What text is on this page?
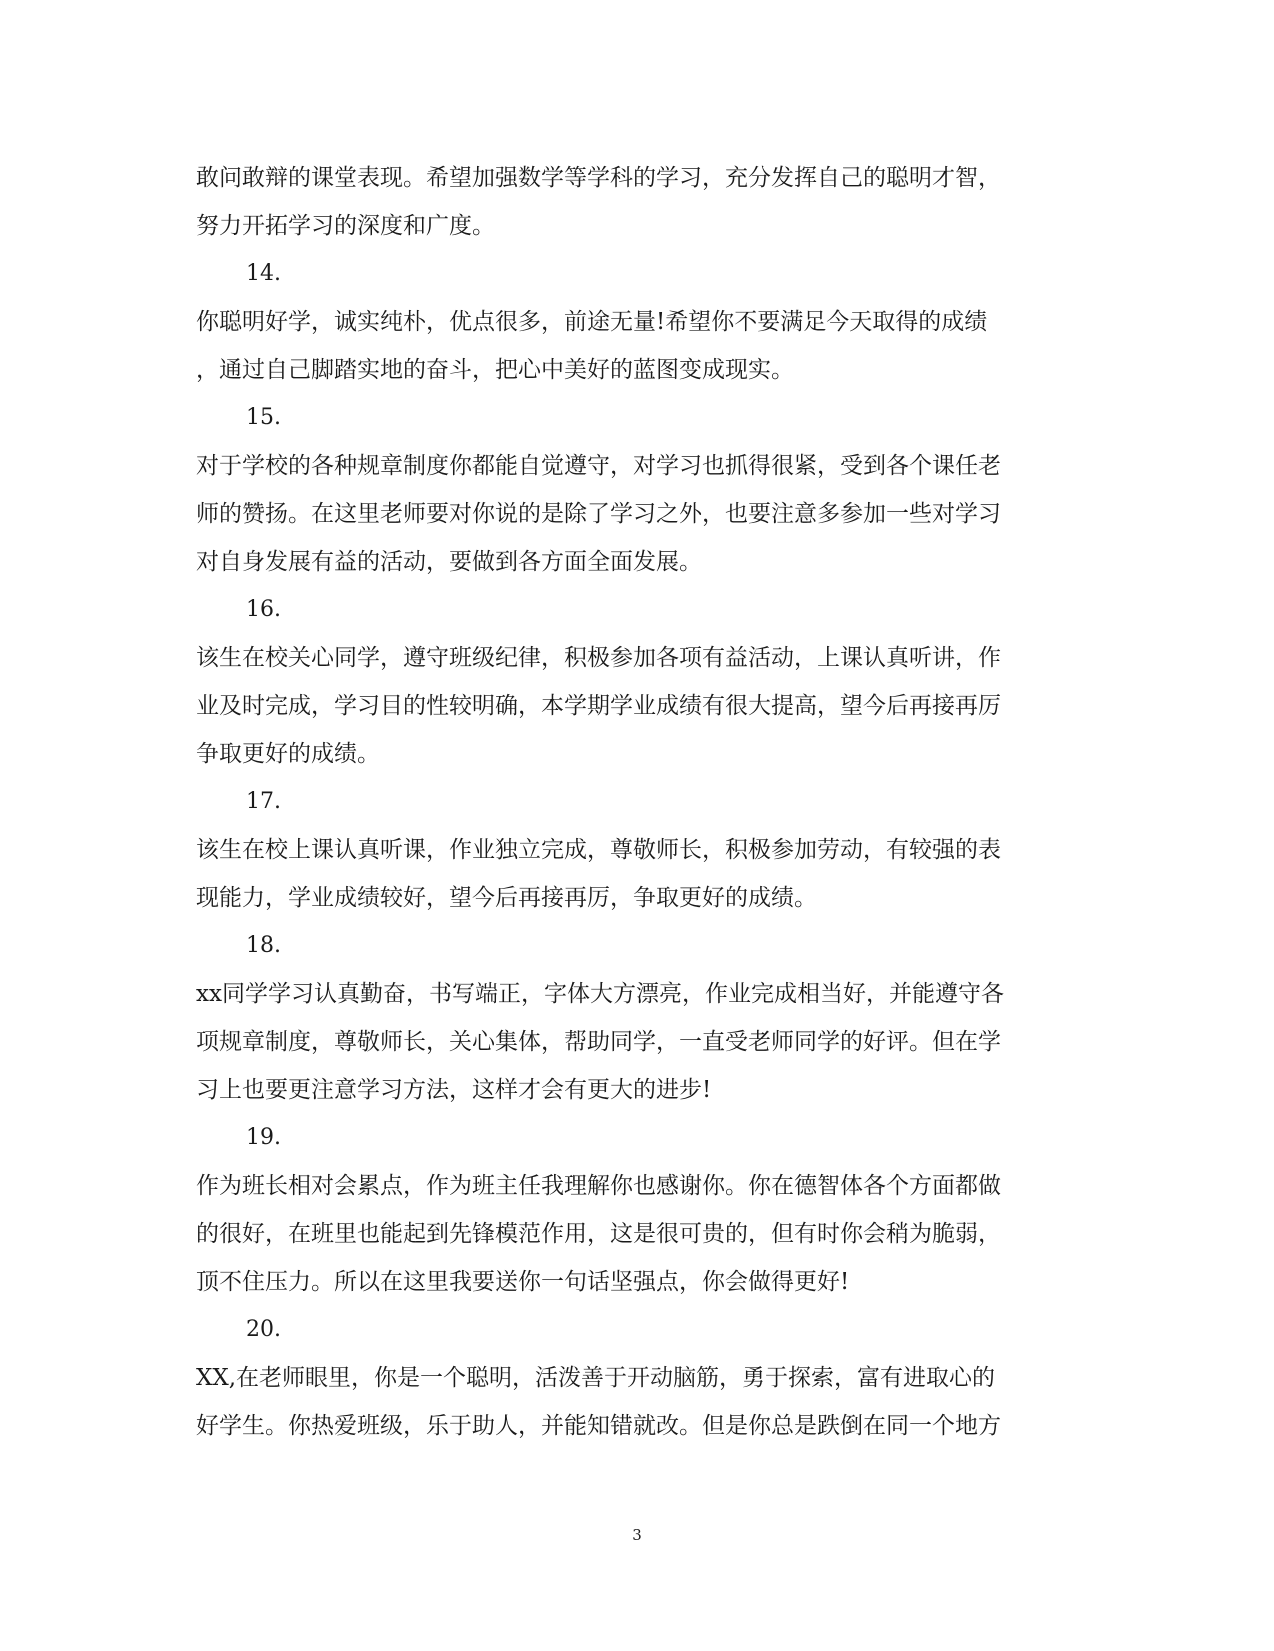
敢问敢辩的课堂表现。希望加强数学等学科的学习，充分发挥自己的聪明才智，
努力开拓学习的深度和广度。
14.
你聪明好学，诚实纯朴，优点很多，前途无量!希望你不要满足今天取得的成绩
，通过自己脚踏实地的奋斗，把心中美好的蓝图变成现实。
15.
对于学校的各种规章制度你都能自觉遵守，对学习也抓得很紧，受到各个课任老
师的赞扬。在这里老师要对你说的是除了学习之外，也要注意多参加一些对学习
对自身发展有益的活动，要做到各方面全面发展。
16.
该生在校关心同学，遵守班级纪律，积极参加各项有益活动，上课认真听讲，作
业及时完成，学习目的性较明确，本学期学业成绩有很大提高，望今后再接再厉
争取更好的成绩。
17.
该生在校上课认真听课，作业独立完成，尊敬师长，积极参加劳动，有较强的表
现能力，学业成绩较好，望今后再接再厉，争取更好的成绩。
18.
xx同学学习认真勤奋，书写端正，字体大方漂亮，作业完成相当好，并能遵守各
项规章制度，尊敬师长，关心集体，帮助同学，一直受老师同学的好评。但在学
习上也要更注意学习方法，这样才会有更大的进步!
19.
作为班长相对会累点，作为班主任我理解你也感谢你。你在德智体各个方面都做
的很好，在班里也能起到先锋模范作用，这是很可贵的，但有时你会稍为脆弱，
顶不住压力。所以在这里我要送你一句话坚强点，你会做得更好!
20.
XX,在老师眼里，你是一个聪明，活泼善于开动脑筋，勇于探索，富有进取心的
好学生。你热爱班级，乐于助人，并能知错就改。但是你总是跌倒在同一个地方
3
